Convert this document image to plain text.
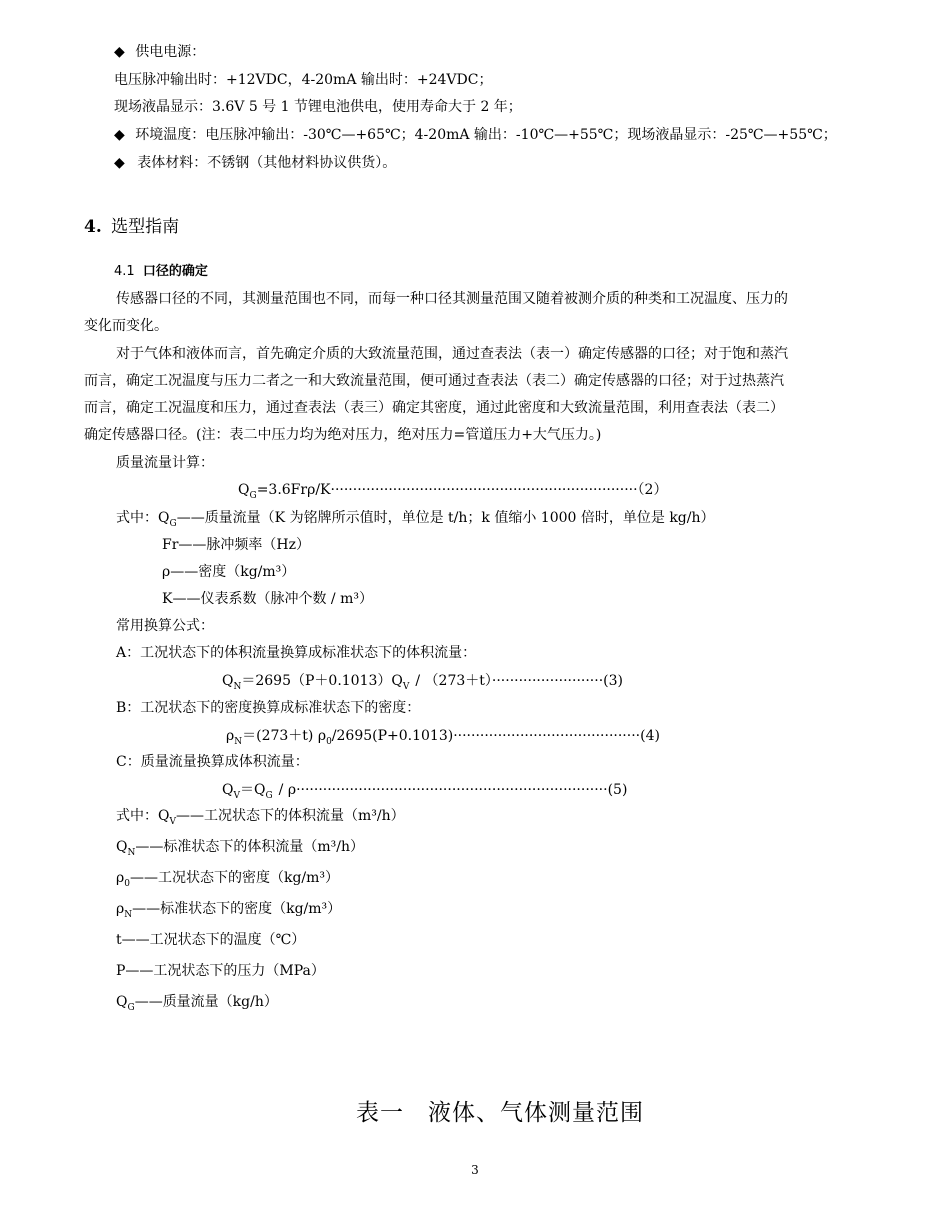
◆ 供电电源：
电压脉冲输出时：+12VDC，4-20mA 输出时：+24VDC；
现场液晶显示：3.6V 5 号 1 节锂电池供电，使用寿命大于 2 年；
◆ 环境温度：电压脉冲输出：-30℃—+65℃；4-20mA 输出：-10℃—+55℃；现场液晶显示：-25℃—+55℃；
◆ 表体材料：不锈钢（其他材料协议供货）。
4. 选型指南
4.1 口径的确定
传感器口径的不同，其测量范围也不同，而每一种口径其测量范围又随着被测介质的种类和工况温度、压力的
变化而变化。
对于气体和液体而言，首先确定介质的大致流量范围，通过查表法（表一）确定传感器的口径；对于饱和蒸汽
而言，确定工况温度与压力二者之一和大致流量范围，便可通过查表法（表二）确定传感器的口径；对于过热蒸汽
而言，确定工况温度和压力，通过查表法（表三）确定其密度，通过此密度和大致流量范围，利用查表法（表二）
确定传感器口径。(注：表二中压力均为绝对压力，绝对压力=管道压力+大气压力。)
质量流量计算：
$Q_G=3.6Fr\rho/K\cdot\cdot\cdot\cdot\cdot\cdot\cdot\cdot\cdot\cdot\cdot\cdot\cdot\cdot\cdot\cdot\cdot\cdot\cdot\cdot\cdot\cdot\cdot\cdot\cdot\cdot\cdot\cdot\cdot\cdot\cdot\cdot\cdot\cdot\cdot\cdot\cdot\cdot\cdot\cdot\cdot\cdot\cdot\cdot\cdot\cdot\cdot\cdot\cdot\cdot\cdot\cdot\cdot\cdot\cdot\cdot\cdot\cdot\cdot\cdot\cdot\cdot\cdot\cdot\cdot\cdot\cdot\cdot\cdot(2)$
式中：$Q_G——$质量流量（K 为铭牌所示值时，单位是 t/h；k 值缩小 1000 倍时，单位是 kg/h）
Fr——脉冲频率（Hz）
ρ——密度（kg/m³）
K——仪表系数（脉冲个数 / m³）
常用换算公式：
A：工况状态下的体积流量换算成标准状态下的体积流量：
$Q_N=2695(P+0.1013)Q_V / (273+t)\cdot\cdot\cdot\cdot\cdot\cdot\cdot\cdot\cdot\cdot\cdot\cdot\cdot\cdot\cdot\cdot\cdot\cdot\cdot\cdot\cdot\cdot\cdot\cdot\cdot(3)$
B：工况状态下的密度换算成标准状态下的密度：
$\rho_N=(273+t)$ $\rho_0/2695(P+0.1013)\cdot\cdot\cdot\cdot\cdot\cdot\cdot\cdot\cdot\cdot\cdot\cdot\cdot\cdot\cdot\cdot\cdot\cdot\cdot\cdot\cdot\cdot\cdot\cdot\cdot\cdot\cdot\cdot\cdot\cdot\cdot\cdot\cdot\cdot\cdot\cdot\cdot\cdot\cdot\cdot\cdot\cdot(4)$
C：质量流量换算成体积流量：
$Q_V=Q_G / \rho\cdot\cdot\cdot\cdot\cdot\cdot\cdot\cdot\cdot\cdot\cdot\cdot\cdot\cdot\cdot\cdot\cdot\cdot\cdot\cdot\cdot\cdot\cdot\cdot\cdot\cdot\cdot\cdot\cdot\cdot\cdot\cdot\cdot\cdot\cdot\cdot\cdot\cdot\cdot\cdot\cdot\cdot\cdot\cdot\cdot\cdot\cdot\cdot\cdot\cdot\cdot\cdot\cdot\cdot\cdot\cdot\cdot\cdot\cdot\cdot\cdot\cdot\cdot\cdot\cdot\cdot\cdot\cdot\cdot\cdot(5)$
式中：$Q_V——$工况状态下的体积流量（m³/h）
$Q_N——$标准状态下的体积流量（m³/h）
$\rho_0——$工况状态下的密度（kg/m³）
$\rho_N——$标准状态下的密度（kg/m³）
t——工况状态下的温度（℃）
P——工况状态下的压力（MPa）
$Q_G——$质量流量（kg/h）
表一　液体、气体测量范围
3
